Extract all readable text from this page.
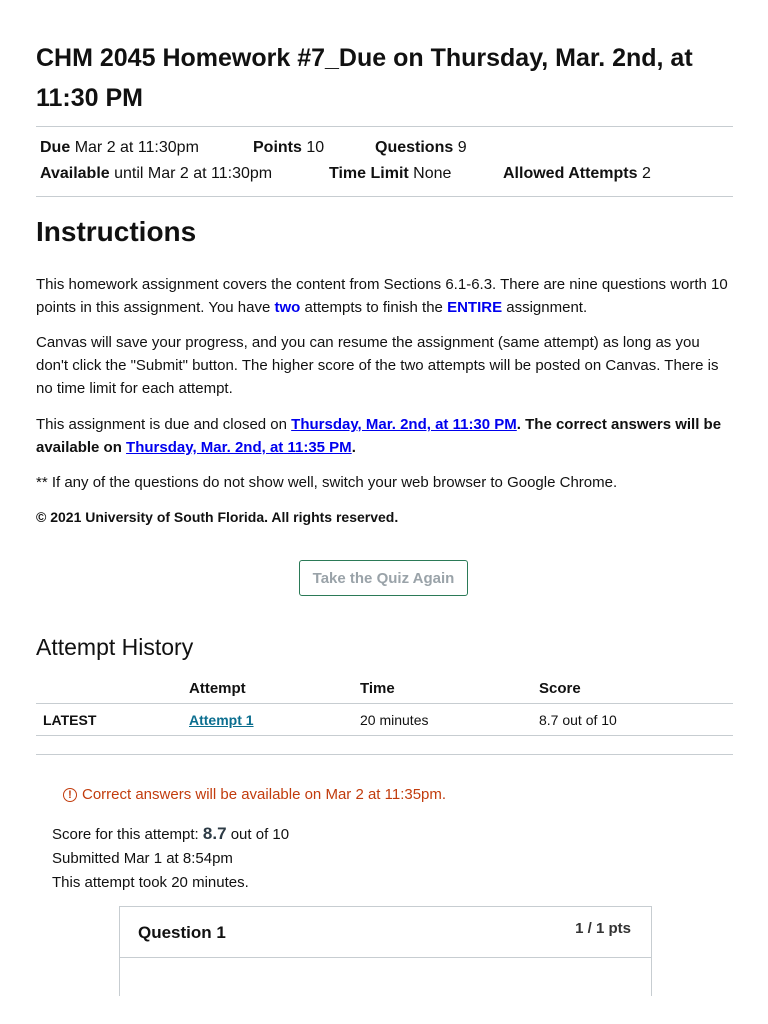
CHM 2045 Homework #7_Due on Thursday, Mar. 2nd, at 11:30 PM
Due Mar 2 at 11:30pm	Points 10	Questions 9
Available until Mar 2 at 11:30pm	Time Limit None	Allowed Attempts 2
Instructions

This homework assignment covers the content from Sections 6.1-6.3. There are nine questions worth 10 points in this assignment. You have two attempts to finish the ENTIRE assignment.

Canvas will save your progress, and you can resume the assignment (same attempt) as long as you don't click the "Submit" button. The higher score of the two attempts will be posted on Canvas. There is no time limit for each attempt.

This assignment is due and closed on Thursday, Mar. 2nd, at 11:30 PM. The correct answers will be available on Thursday, Mar. 2nd, at 11:35 PM.

** If any of the questions do not show well, switch your web browser to Google Chrome.

© 2021 University of South Florida. All rights reserved.

Take the Quiz Again
Attempt History
	Attempt	Time	Score
LATEST	Attempt 1	20 minutes	8.7 out of 10
! Correct answers will be available on Mar 2 at 11:35pm.
Score for this attempt: 8.7 out of 10
Submitted Mar 1 at 8:54pm
This attempt took 20 minutes.
Question 1	1 / 1 pts
